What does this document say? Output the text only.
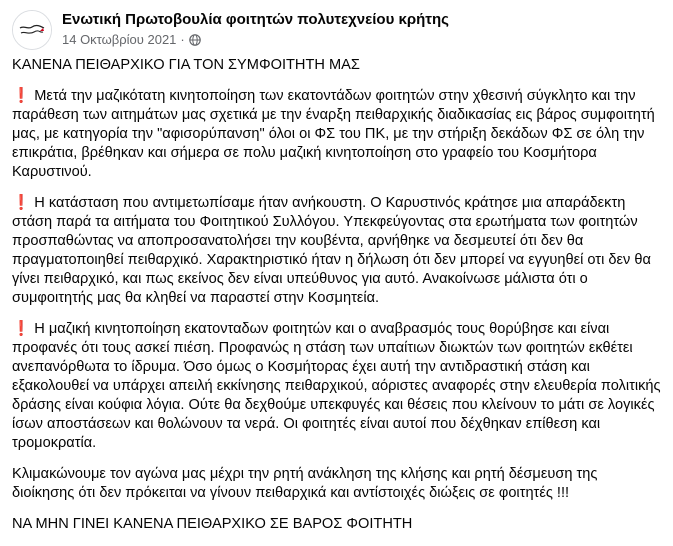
Ενωτική Πρωτοβουλία φοιτητών πολυτεχνείου κρήτης
14 Οκτωβρίου 2021 ·

ΚΑΝΕΝΑ ΠΕΙΘΑΡΧΙΚΟ ΓΙΑ ΤΟΝ ΣΥΜΦΟΙΤΗΤΗ ΜΑΣ

❗ Μετά την μαζικότατη κινητοποίηση των εκατοντάδων φοιτητών στην χθεσινή σύγκλητο και την παράθεση των αιτημάτων μας σχετικά με την έναρξη πειθαρχικής διαδικασίας εις βάρος συμφοιτητή μας, με κατηγορία την "αφισορύπανση" όλοι οι ΦΣ του ΠΚ, με την στήριξη δεκάδων ΦΣ σε όλη την επικράτια, βρέθηκαν και σήμερα σε πολυ μαζική κινητοποίηση στο γραφείο του Κοσμήτορα Καρυστινού.

❗ Η κατάσταση που αντιμετωπίσαμε ήταν ανήκουστη. Ο Καρυστινός κράτησε μια απαράδεκτη στάση παρά τα αιτήματα του Φοιτητικού Συλλόγου. Υπεκφεύγοντας στα ερωτήματα των φοιτητών προσπαθώντας να αποπροσανατολήσει την κουβέντα, αρνήθηκε να δεσμευτεί ότι δεν θα πραγματοποιηθεί πειθαρχικό. Χαρακτηριστικό ήταν η δήλωση ότι δεν μπορεί να εγγυηθεί οτι δεν θα γίνει πειθαρχικό, και πως εκείνος δεν είναι υπεύθυνος για αυτό. Ανακοίνωσε μάλιστα ότι ο συμφοιτητής μας θα κληθεί να παραστεί στην Κοσμητεία.

❗ Η μαζική κινητοποίηση εκατονταδων φοιτητών και ο αναβρασμός τους θορύβησε και είναι προφανές ότι τους ασκεί πιέση. Προφανώς η στάση των υπαίτιων διωκτών των φοιτητών εκθέτει ανεπανόρθωτα το ίδρυμα. Όσο όμως ο Κοσμήτορας έχει αυτή την αντιδραστική στάση και εξακολουθεί να υπάρχει απειλή εκκίνησης πειθαρχικού, αόριστες αναφορές στην ελευθερία πολιτικής δράσης είναι κούφια λόγια. Ούτε θα δεχθούμε υπεκφυγές και θέσεις που κλείνουν το μάτι σε λογικές ίσων αποστάσεων και θολώνουν τα νερά. Οι φοιτητές είναι αυτοί που δέχθηκαν επίθεση και τρομοκρατία.

Κλιμακώνουμε τον αγώνα μας μέχρι την ρητή ανάκληση της κλήσης και ρητή δέσμευση της διοίκησης ότι δεν πρόκειται να γίνουν πειθαρχικά και αντίστοιχές διώξεις σε φοιτητές !!!

ΝΑ ΜΗΝ ΓΙΝΕΙ ΚΑΝΕΝΑ ΠΕΙΘΑΡΧΙΚΟ ΣΕ ΒΑΡΟΣ ΦΟΙΤΗΤΗ
